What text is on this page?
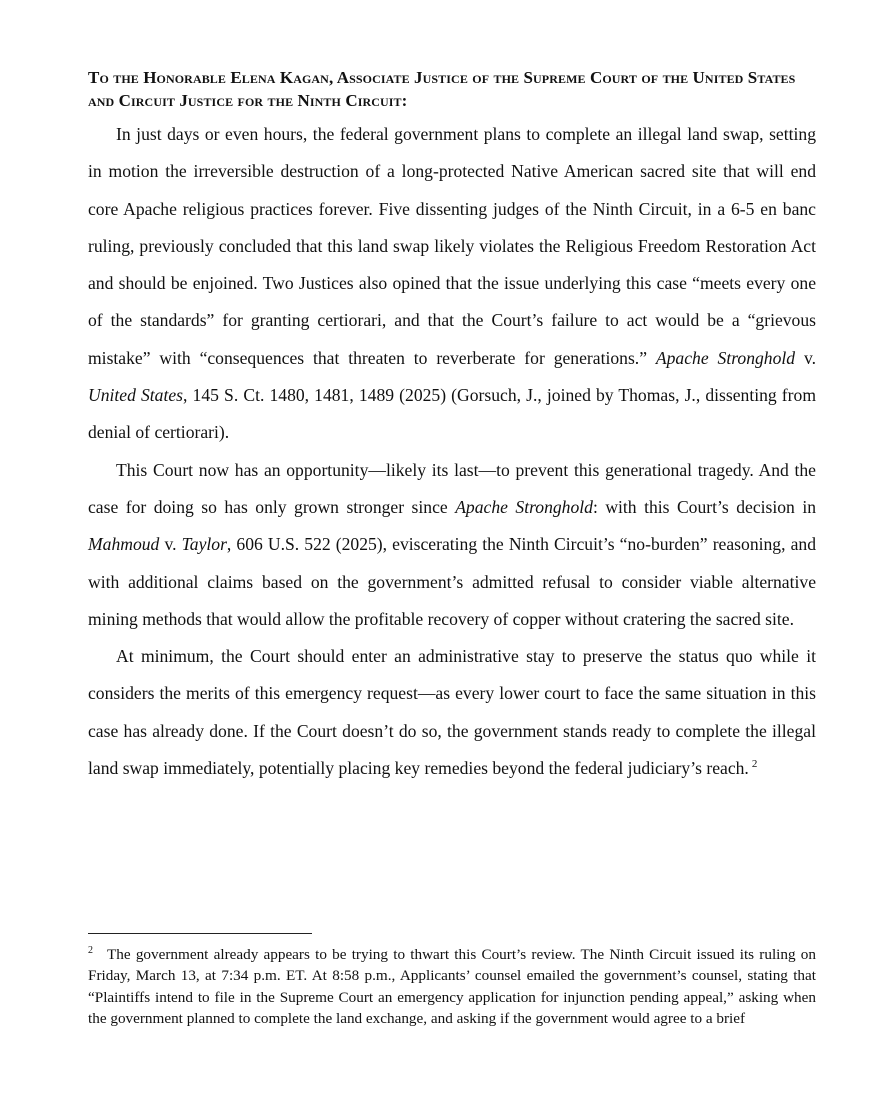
To the Honorable Elena Kagan, Associate Justice of the Supreme Court of the United States and Circuit Justice for the Ninth Circuit:

In just days or even hours, the federal government plans to complete an illegal land swap, setting in motion the irreversible destruction of a long-protected Native American sacred site that will end core Apache religious practices forever. Five dissenting judges of the Ninth Circuit, in a 6-5 en banc ruling, previously concluded that this land swap likely violates the Religious Freedom Restoration Act and should be enjoined. Two Justices also opined that the issue underlying this case “meets every one of the standards” for granting certiorari, and that the Court’s failure to act would be a “grievous mistake” with “consequences that threaten to reverberate for generations.” Apache Stronghold v. United States, 145 S. Ct. 1480, 1481, 1489 (2025) (Gorsuch, J., joined by Thomas, J., dissenting from denial of certiorari).

This Court now has an opportunity—likely its last—to prevent this generational tragedy. And the case for doing so has only grown stronger since Apache Stronghold: with this Court’s decision in Mahmoud v. Taylor, 606 U.S. 522 (2025), eviscerating the Ninth Circuit’s “no-burden” reasoning, and with additional claims based on the government’s admitted refusal to consider viable alternative mining methods that would allow the profitable recovery of copper without cratering the sacred site.

At minimum, the Court should enter an administrative stay to preserve the status quo while it considers the merits of this emergency request—as every lower court to face the same situation in this case has already done. If the Court doesn’t do so, the government stands ready to complete the illegal land swap immediately, potentially placing key remedies beyond the federal judiciary’s reach. $^2$

$^2$ The government already appears to be trying to thwart this Court’s review. The Ninth Circuit issued its ruling on Friday, March 13, at 7:34 p.m. ET. At 8:58 p.m., Applicants’ counsel emailed the government’s counsel, stating that “Plaintiffs intend to file in the Supreme Court an emergency application for injunction pending appeal,” asking when the government planned to complete the land exchange, and asking if the government would agree to a brief
